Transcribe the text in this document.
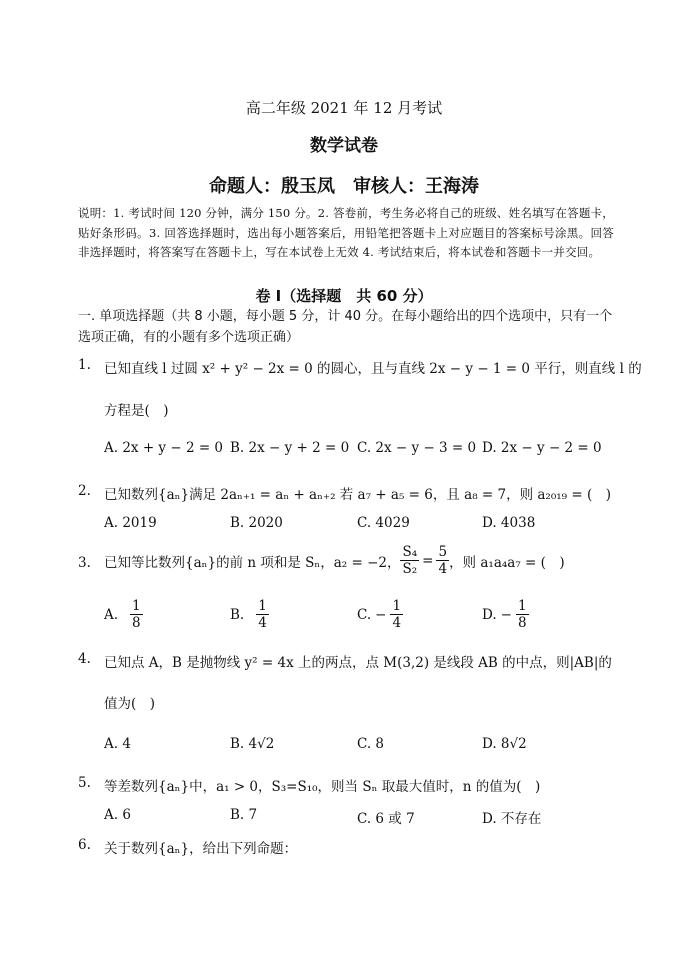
高二年级 2021 年 12 月考试
数学试卷
命题人：殷玉凤　审核人：王海涛
说明：1. 考试时间 120 分钟，满分 150 分。2. 答卷前，考生务必将自己的班级、姓名填写在答题卡，贴好条形码。3. 回答选择题时，选出每小题答案后，用铅笔把答题卡上对应题目的答案标号涂黑。回答非选择题时，将答案写在答题卡上，写在本试卷上无效 4. 考试结束后，将本试卷和答题卡一并交回。
卷 I（选择题　共 60 分）
一. 单项选择题（共 8 小题，每小题 5 分，计 40 分。在每小题给出的四个选项中，只有一个选项正确，有的小题有多个选项正确）
1. 已知直线 l 过圆 x² + y² − 2x = 0 的圆心，且与直线 2x − y − 1 = 0 平行，则直线 l 的
方程是(　)
A. 2x + y − 2 = 0 B. 2x − y + 2 = 0 C. 2x − y − 3 = 0 D. 2x − y − 2 = 0
2. 已知数列{aₙ}满足 2aₙ₊₁ = aₙ + aₙ₊₂ 若 a₇ + a₅ = 6，且 a₈ = 7，则 a₂₀₁₉ = (　)
A. 2019	B. 2020	C. 4029	D. 4038
3. 已知等比数列{aₙ}的前 n 项和是 Sₙ，a₂ = −2， $\frac{\text{S₄}}{\text{S₂}} = \frac{5}{4}$ ，则 a₁a₄a₇ = (　)
A. $\frac{1}{8}$	B. $\frac{1}{4}$	C. − $\frac{1}{4}$	D. − $\frac{1}{8}$
4. 已知点 A，B 是抛物线 y² = 4x 上的两点，点 M(3,2) 是线段 AB 的中点，则|AB|的
值为(　)
A. 4	B. 4√2	C. 8	D. 8√2
5. 等差数列{aₙ}中，a₁ > 0，S₃=S₁₀，则当 Sₙ 取最大值时，n 的值为(　)
A. 6	B. 7	C. 6 或 7	D. 不存在
6. 关于数列{aₙ}，给出下列命题：
